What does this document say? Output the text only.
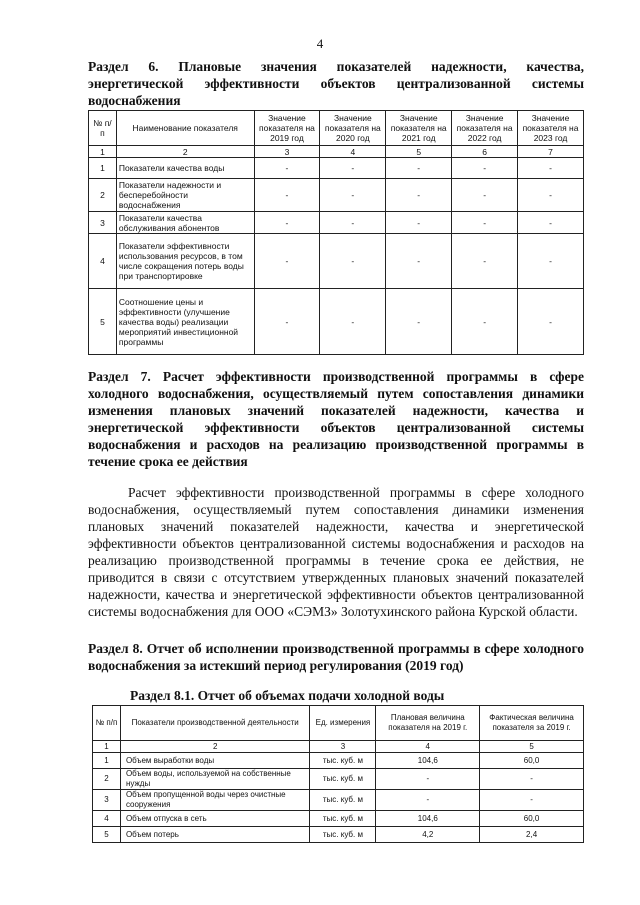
4
Раздел 6. Плановые значения показателей надежности, качества, энергетической эффективности объектов централизованной системы водоснабжения
№ п/п	Наименование показателя	Значение показателя на 2019 год	Значение показателя на 2020 год	Значение показателя на 2021 год	Значение показателя на 2022 год	Значение показателя на 2023 год
1	2	3	4	5	6	7
1	Показатели качества воды	-	-	-	-	-
2	Показатели надежности и бесперебойности водоснабжения	-	-	-	-	-
3	Показатели качества обслуживания абонентов	-	-	-	-	-
4	Показатели эффективности использования ресурсов, в том числе сокращения потерь воды при транспортировке	-	-	-	-	-
5	Соотношение цены и эффективности (улучшение качества воды) реализации мероприятий инвестиционной программы	-	-	-	-	-
Раздел 7. Расчет эффективности производственной программы в сфере холодного водоснабжения, осуществляемый путем сопоставления динамики изменения плановых значений показателей надежности, качества и энергетической эффективности объектов централизованной системы водоснабжения и расходов на реализацию производственной программы в течение срока ее действия
Расчет эффективности производственной программы в сфере холодного водоснабжения, осуществляемый путем сопоставления динамики изменения плановых значений показателей надежности, качества и энергетической эффективности объектов централизованной системы водоснабжения и расходов на реализацию производственной программы в течение срока ее действия, не приводится в связи с отсутствием утвержденных плановых значений показателей надежности, качества и энергетической эффективности объектов централизованной системы водоснабжения для ООО «СЭМЗ» Золотухинского района Курской области.
Раздел 8. Отчет об исполнении производственной программы в сфере холодного водоснабжения за истекший период регулирования (2019 год)
Раздел 8.1. Отчет об объемах подачи холодной воды
№ п/п	Показатели производственной деятельности	Ед. измерения	Плановая величина показателя на 2019 г.	Фактическая величина показателя за 2019 г.
1	2	3	4	5
1	Объем выработки воды	тыс. куб. м	104,6	60,0
2	Объем воды, используемой на собственные нужды	тыс. куб. м	-	-
3	Объем пропущенной воды через очистные сооружения	тыс. куб. м	-	-
4	Объем отпуска в сеть	тыс. куб. м	104,6	60,0
5	Объем потерь	тыс. куб. м	4,2	2,4
